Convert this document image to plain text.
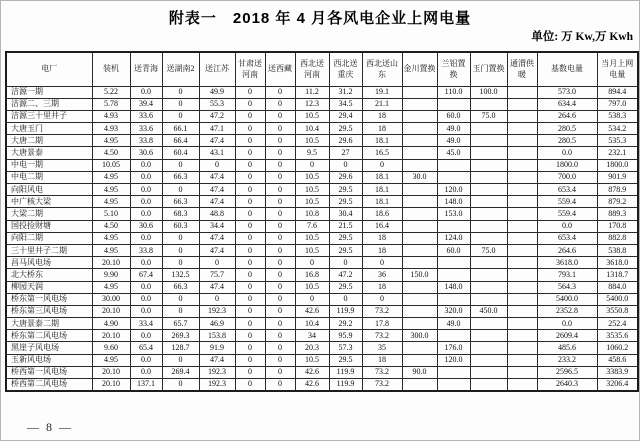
附表一　2018 年 4 月各风电企业上网电量
单位: 万 Kw,万 Kwh
电厂	装机	送青海	送湖南2	送江苏	甘肃送河南	送西藏	西北送河南	西北送重庆	西北送山东	金川置换	兰铝置换	玉门置换	通渭供暖	基数电量	当月上网电量
洁源一期	5.22	0.0	0	49.9	0	0	11.2	31.2	19.1		110.0	100.0		573.0	894.4
洁源二、三期	5.78	39.4	0	55.3	0	0	12.3	34.5	21.1					634.4	797.0
洁源三十里井子	4.93	33.6	0	47.2	0	0	10.5	29.4	18		60.0	75.0		264.6	538.3
大唐玉门	4.93	33.6	66.1	47.1	0	0	10.4	29.5	18		49.0			280.5	534.2
大唐二期	4.95	33.8	66.4	47.4	0	0	10.5	29.6	18.1		49.0			280.5	535.3
大唐景泰	4.50	30.6	60.4	43.1	0	0	9.5	27	16.5		45.0			0.0	232.1
中电一期	10.05	0.0	0	0	0	0	0	0	0					1800.0	1800.0
中电二期	4.95	0.0	66.3	47.4	0	0	10.5	29.6	18.1	30.0				700.0	901.9
向阳风电	4.95	0.0	0	47.4	0	0	10.5	29.5	18.1		120.0			653.4	878.9
中广核大梁	4.95	0.0	66.3	47.4	0	0	10.5	29.5	18.1		148.0			559.4	879.2
大梁二期	5.10	0.0	68.3	48.8	0	0	10.8	30.4	18.6		153.0			559.4	889.3
国投捡财塘	4.50	30.6	60.3	34.4	0	0	7.6	21.5	16.4					0.0	170.8
向阳二期	4.95	0.0	0	47.4	0	0	10.5	29.5	18		124.0			653.4	882.8
三十里井子二期	4.95	33.8	0	47.4	0	0	10.5	29.5	18		60.0	75.0		264.6	538.8
昌马风电场	20.10	0.0	0	0	0	0	0	0	0					3618.0	3618.0
北大桥东	9.90	67.4	132.5	75.7	0	0	16.8	47.2	36	150.0				793.1	1318.7
柳园天润	4.95	0.0	66.3	47.4	0	0	10.5	29.5	18		148.0			564.3	884.0
桥东第一风电场	30.00	0.0	0	0	0	0	0	0	0					5400.0	5400.0
桥东第三风电场	20.10	0.0	0	192.3	0	0	42.6	119.9	73.2		320.0	450.0		2352.8	3550.8
大唐景泰二期	4.90	33.4	65.7	46.9	0	0	10.4	29.2	17.8		49.0			0.0	252.4
桥东第二风电场	20.10	0.0	269.3	153.8	0	0	34	95.9	73.2	300.0				2609.4	3535.6
黑崖子风电场	9.60	65.4	128.7	91.9	0	0	20.3	57.3	35		176.0			485.6	1060.2
玉新风电场	4.95	0.0	0	47.4	0	0	10.5	29.5	18		120.0			233.2	458.6
桥西第一风电场	20.10	0.0	269.4	192.3	0	0	42.6	119.9	73.2	90.0				2596.5	3383.9
桥西第二风电场	20.10	137.1	0	192.3	0	0	42.6	119.9	73.2					2640.3	3206.4
— 8 —
